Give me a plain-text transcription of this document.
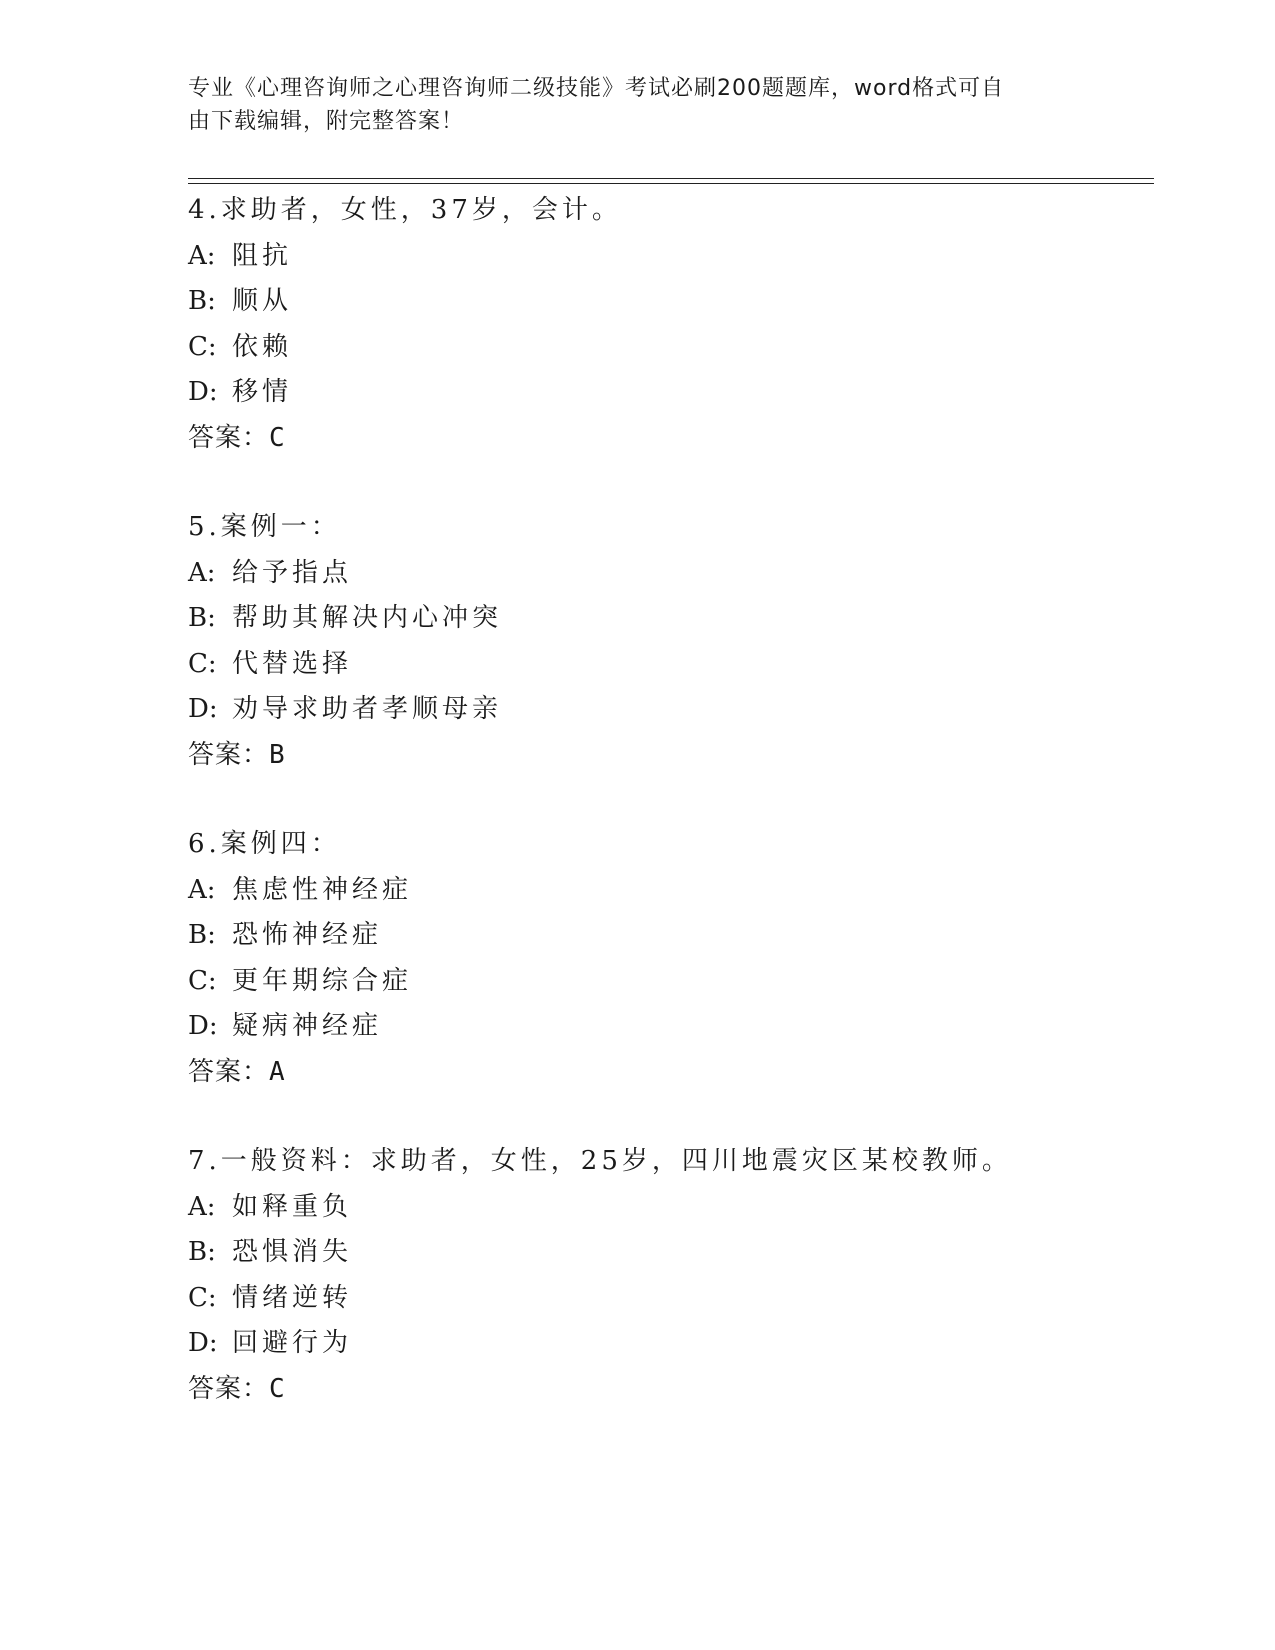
专业《心理咨询师之心理咨询师二级技能》考试必刷200题题库，word格式可自
由下载编辑，附完整答案！
4.求助者，女性，37岁，会计。
A: 阻抗
B: 顺从
C: 依赖
D: 移情
答案：C
5.案例一：
A: 给予指点
B: 帮助其解决内心冲突
C: 代替选择
D: 劝导求助者孝顺母亲
答案：B
6.案例四：
A: 焦虑性神经症
B: 恐怖神经症
C: 更年期综合症
D: 疑病神经症
答案：A
7.一般资料：求助者，女性，25岁，四川地震灾区某校教师。
A: 如释重负
B: 恐惧消失
C: 情绪逆转
D: 回避行为
答案：C
